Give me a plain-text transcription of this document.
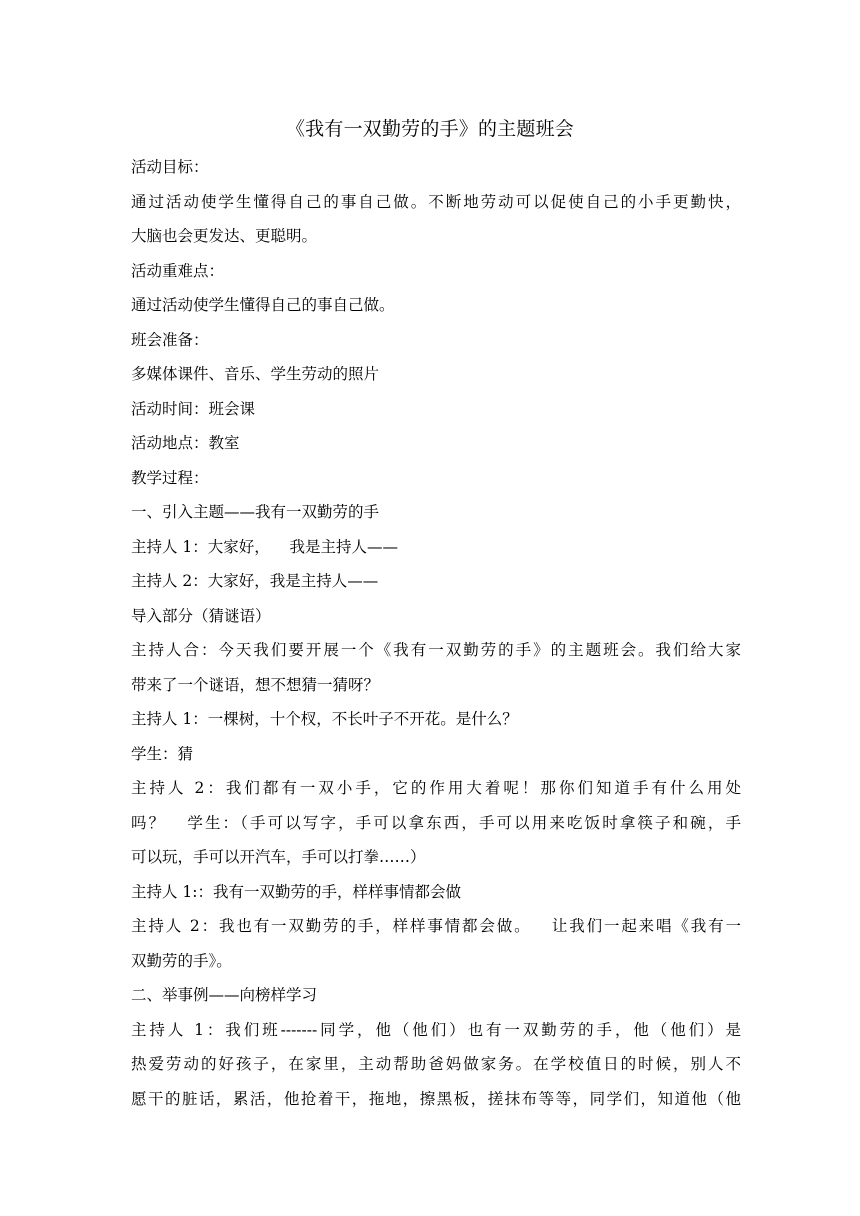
《我有一双勤劳的手》的主题班会
活动目标：
通过活动使学生懂得自己的事自己做。不断地劳动可以促使自己的小手更勤快，
大脑也会更发达、更聪明。
活动重难点：
通过活动使学生懂得自己的事自己做。
班会准备：
多媒体课件、音乐、学生劳动的照片
活动时间：班会课
活动地点：教室
教学过程：
一、引入主题——我有一双勤劳的手
主持人 1：大家好，    我是主持人——
主持人 2：大家好，我是主持人——
导入部分（猜谜语）
主持人合：今天我们要开展一个《我有一双勤劳的手》的主题班会。我们给大家
带来了一个谜语，想不想猜一猜呀？
主持人 1：一棵树，十个杈，不长叶子不开花。是什么？
学生：猜
主持人 2：我们都有一双小手，它的作用大着呢！那你们知道手有什么用处
吗？   学生：（手可以写字，手可以拿东西，手可以用来吃饭时拿筷子和碗，手
可以玩，手可以开汽车，手可以打拳……）
主持人 1:：我有一双勤劳的手，样样事情都会做
主持人 2：我也有一双勤劳的手，样样事情都会做。   让我们一起来唱《我有一
双勤劳的手》。
二、举事例——向榜样学习
主持人 1：我们班-------同学，他（他们）也有一双勤劳的手，他（他们）是
热爱劳动的好孩子，在家里，主动帮助爸妈做家务。在学校值日的时候，别人不
愿干的脏话，累活，他抢着干，拖地，擦黑板，搓抹布等等，同学们，知道他（他
